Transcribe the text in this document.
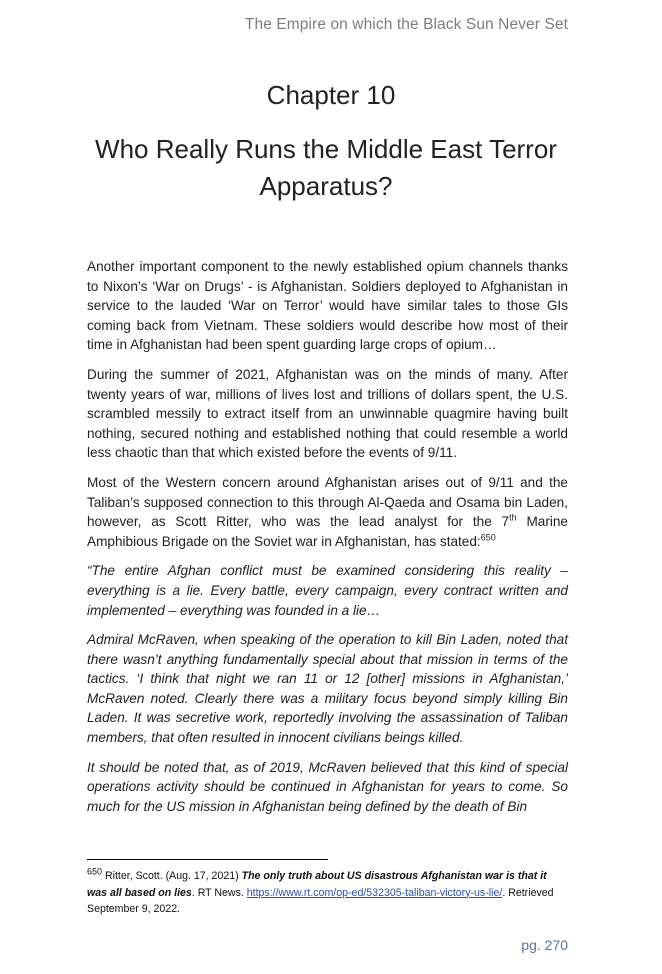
The Empire on which the Black Sun Never Set
Chapter 10
Who Really Runs the Middle East Terror Apparatus?

Another important component to the newly established opium channels thanks to Nixon’s ‘War on Drugs’ - is Afghanistan. Soldiers deployed to Afghanistan in service to the lauded ‘War on Terror’ would have similar tales to those GIs coming back from Vietnam. These soldiers would describe how most of their time in Afghanistan had been spent guarding large crops of opium…

During the summer of 2021, Afghanistan was on the minds of many. After twenty years of war, millions of lives lost and trillions of dollars spent, the U.S. scrambled messily to extract itself from an unwinnable quagmire having built nothing, secured nothing and established nothing that could resemble a world less chaotic than that which existed before the events of 9/11.

Most of the Western concern around Afghanistan arises out of 9/11 and the Taliban’s supposed connection to this through Al-Qaeda and Osama bin Laden, however, as Scott Ritter, who was the lead analyst for the 7th Marine Amphibious Brigade on the Soviet war in Afghanistan, has stated:$^{650}$

“The entire Afghan conflict must be examined considering this reality – everything is a lie. Every battle, every campaign, every contract written and implemented – everything was founded in a lie…

Admiral McRaven, when speaking of the operation to kill Bin Laden, noted that there wasn’t anything fundamentally special about that mission in terms of the tactics. ‘I think that night we ran 11 or 12 [other] missions in Afghanistan,’ McRaven noted. Clearly there was a military focus beyond simply killing Bin Laden. It was secretive work, reportedly involving the assassination of Taliban members, that often resulted in innocent civilians beings killed.

It should be noted that, as of 2019, McRaven believed that this kind of special operations activity should be continued in Afghanistan for years to come. So much for the US mission in Afghanistan being defined by the death of Bin

$^{650}$ Ritter, Scott. (Aug. 17, 2021) The only truth about US disastrous Afghanistan war is that it was all based on lies. RT News. https://www.rt.com/op-ed/532305-taliban-victory-us-lie/. Retrieved September 9, 2022.
pg. 270
